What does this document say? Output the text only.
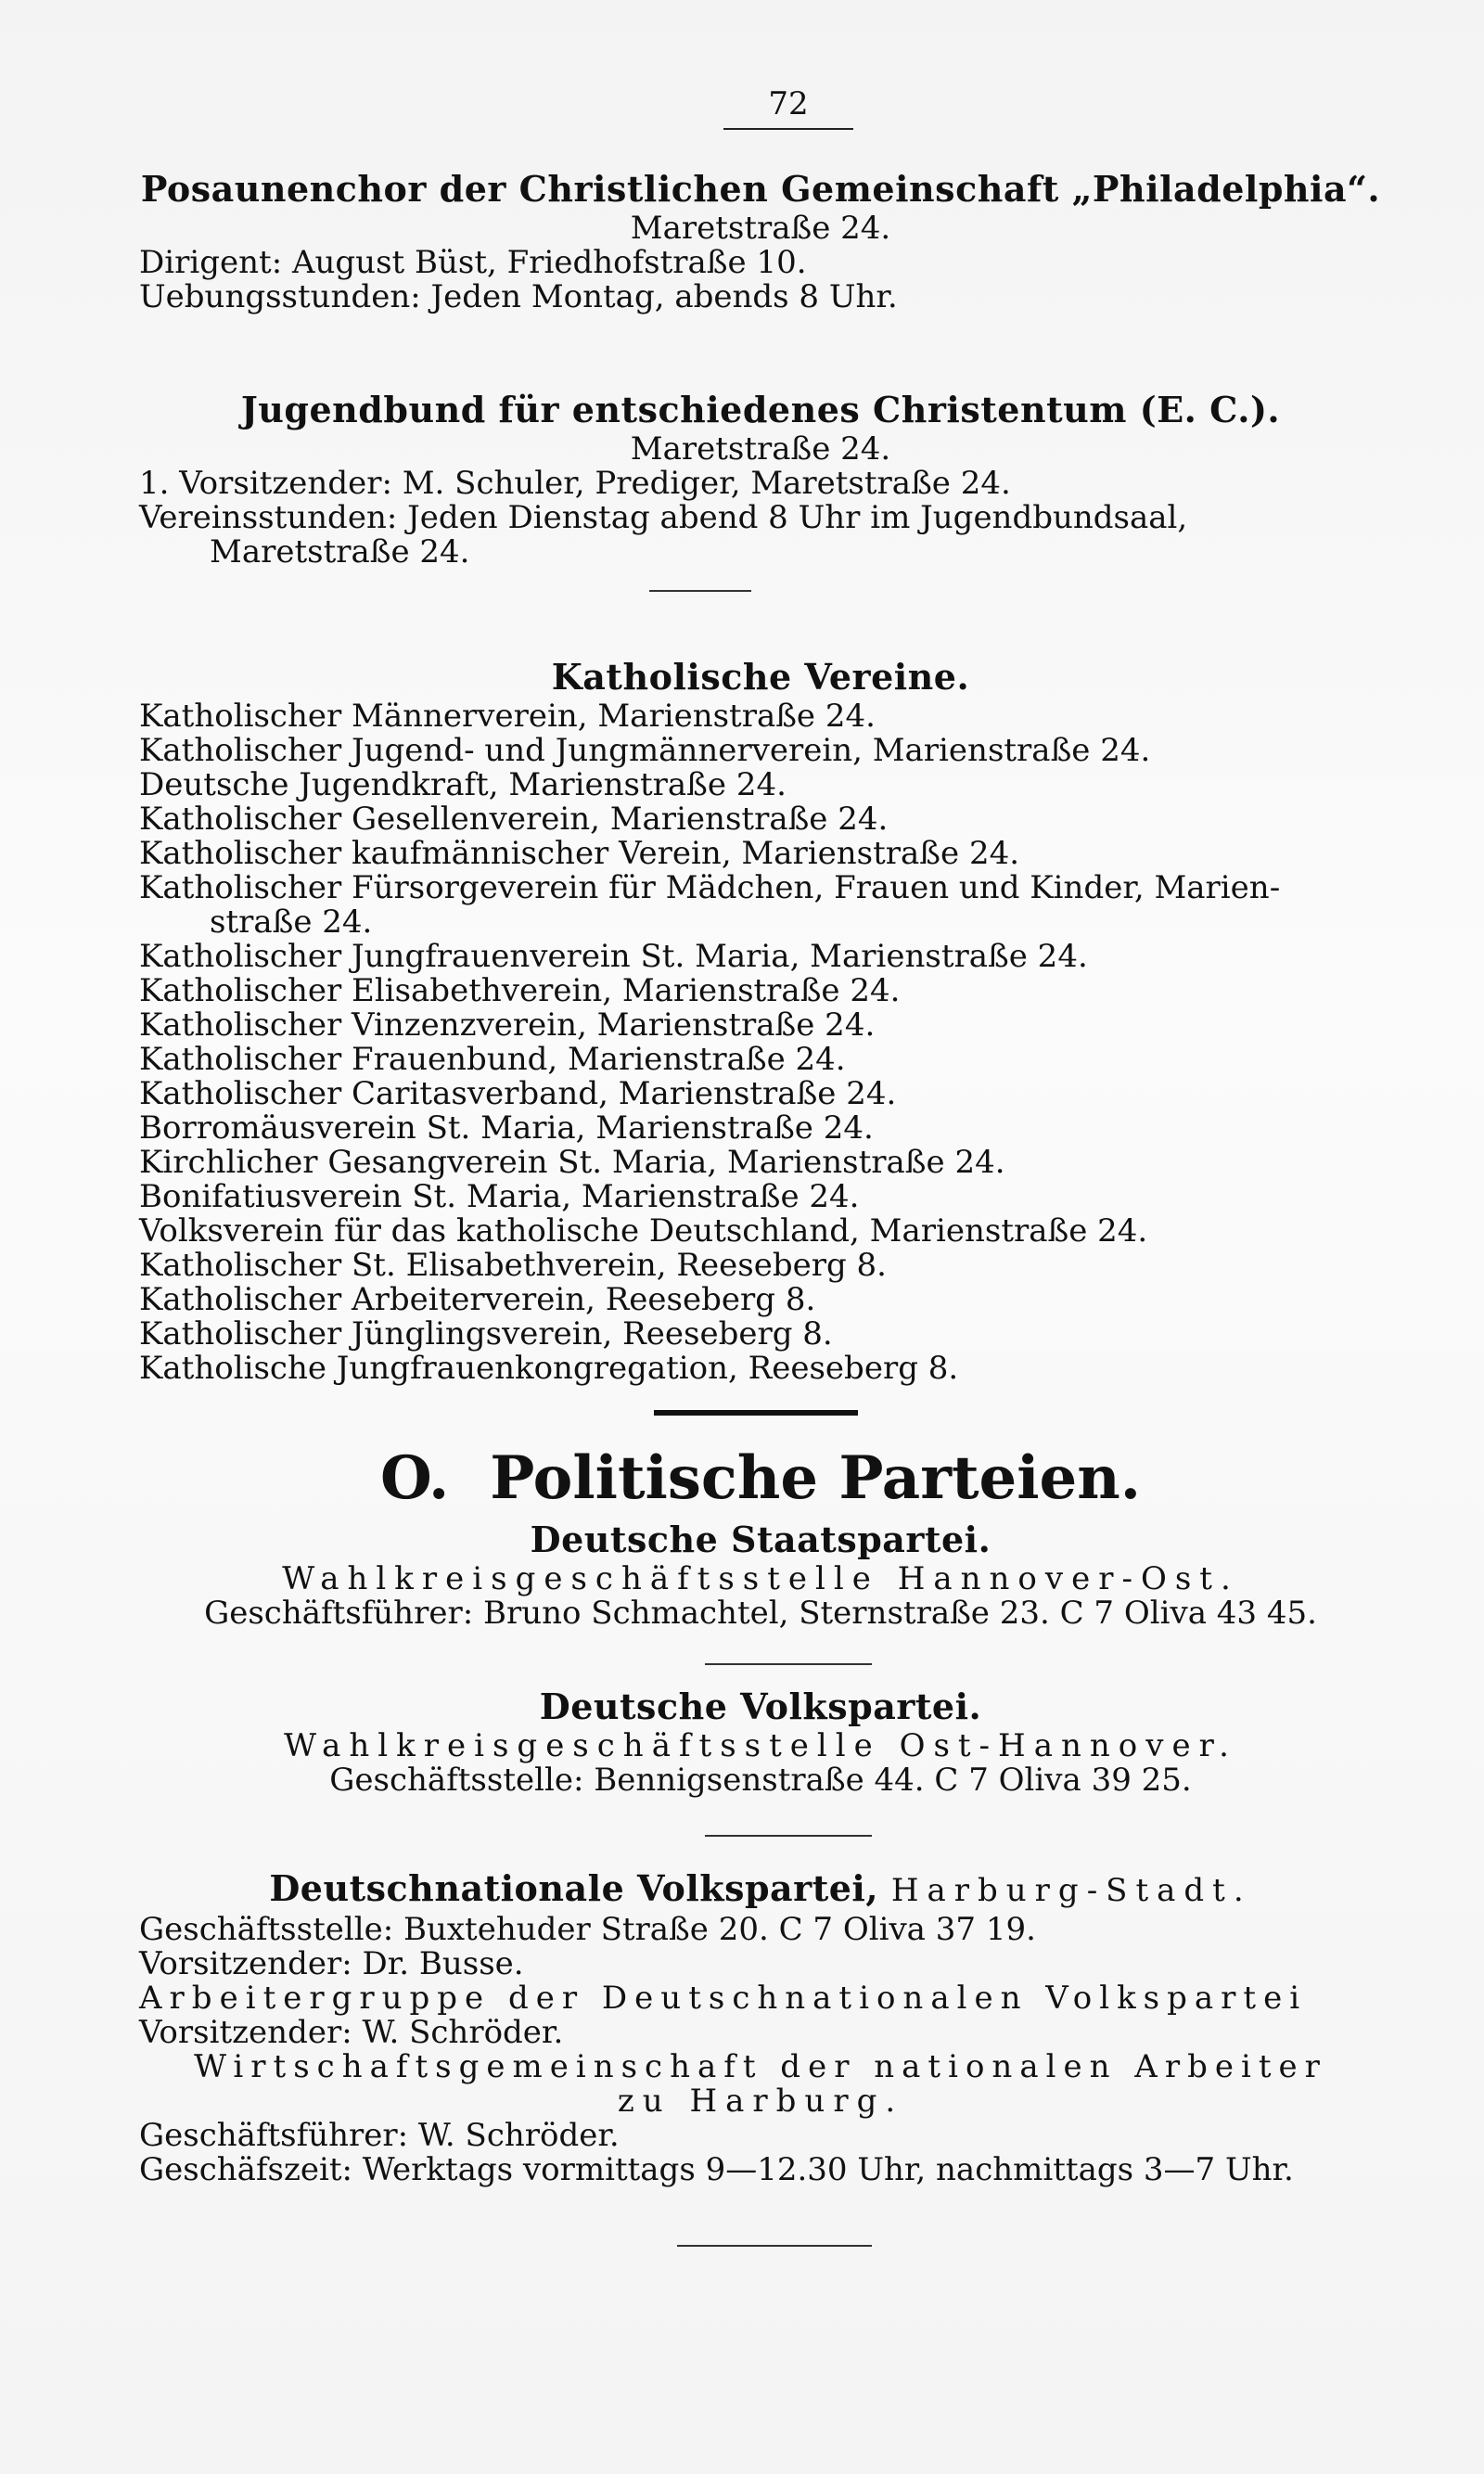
72
Posaunenchor der Christlichen Gemeinschaft „Philadelphia“.
Maretstraße 24.
Dirigent: August Büst, Friedhofstraße 10.
Uebungsstunden: Jeden Montag, abends 8 Uhr.
Jugendbund für entschiedenes Christentum (E. C.).
Maretstraße 24.
1. Vorsitzender: M. Schuler, Prediger, Maretstraße 24.
Vereinsstunden: Jeden Dienstag abend 8 Uhr im Jugendbundsaal,
Maretstraße 24.
Katholische Vereine.
Katholischer Männerverein, Marienstraße 24.
Katholischer Jugend- und Jungmännerverein, Marienstraße 24.
Deutsche Jugendkraft, Marienstraße 24.
Katholischer Gesellenverein, Marienstraße 24.
Katholischer kaufmännischer Verein, Marienstraße 24.
Katholischer Fürsorgeverein für Mädchen, Frauen und Kinder, Marien-
straße 24.
Katholischer Jungfrauenverein St. Maria, Marienstraße 24.
Katholischer Elisabethverein, Marienstraße 24.
Katholischer Vinzenzverein, Marienstraße 24.
Katholischer Frauenbund, Marienstraße 24.
Katholischer Caritasverband, Marienstraße 24.
Borromäusverein St. Maria, Marienstraße 24.
Kirchlicher Gesangverein St. Maria, Marienstraße 24.
Bonifatiusverein St. Maria, Marienstraße 24.
Volksverein für das katholische Deutschland, Marienstraße 24.
Katholischer St. Elisabethverein, Reeseberg 8.
Katholischer Arbeiterverein, Reeseberg 8.
Katholischer Jünglingsverein, Reeseberg 8.
Katholische Jungfrauenkongregation, Reeseberg 8.
O. Politische Parteien.
Deutsche Staatspartei.
Wahlkreisgeschäftsstelle Hannover-Ost.
Geschäftsführer: Bruno Schmachtel, Sternstraße 23. C 7 Oliva 43 45.
Deutsche Volkspartei.
Wahlkreisgeschäftsstelle Ost-Hannover.
Geschäftsstelle: Bennigsenstraße 44. C 7 Oliva 39 25.
Deutschnationale Volkspartei, Harburg-Stadt.
Geschäftsstelle: Buxtehuder Straße 20. C 7 Oliva 37 19.
Vorsitzender: Dr. Busse.
Arbeitergruppe der Deutschnationalen Volkspartei
Vorsitzender: W. Schröder.
Wirtschaftsgemeinschaft der nationalen Arbeiter
zu Harburg.
Geschäftsführer: W. Schröder.
Geschäfszeit: Werktags vormittags 9—12.30 Uhr, nachmittags 3—7 Uhr.
